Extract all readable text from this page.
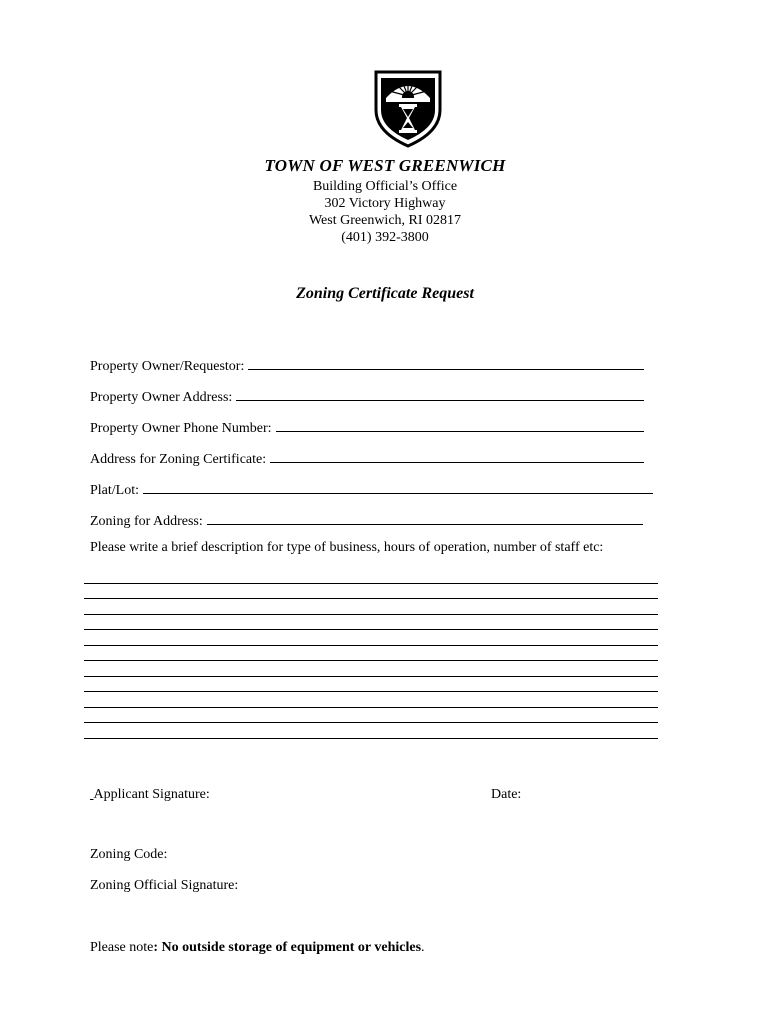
TOWN OF WEST GREENWICH
Building Official’s Office
302 Victory Highway
West Greenwich, RI 02817
(401) 392-3800
Zoning Certificate Request
Property Owner/Requestor:
Property Owner Address:
Property Owner Phone Number:
Address for Zoning Certificate:
Plat/Lot:
Zoning for Address:
Please write a brief description for type of business, hours of operation, number of staff etc:
Applicant Signature:	Date:
Zoning Code:
Zoning Official Signature:
Please note: No outside storage of equipment or vehicles.
